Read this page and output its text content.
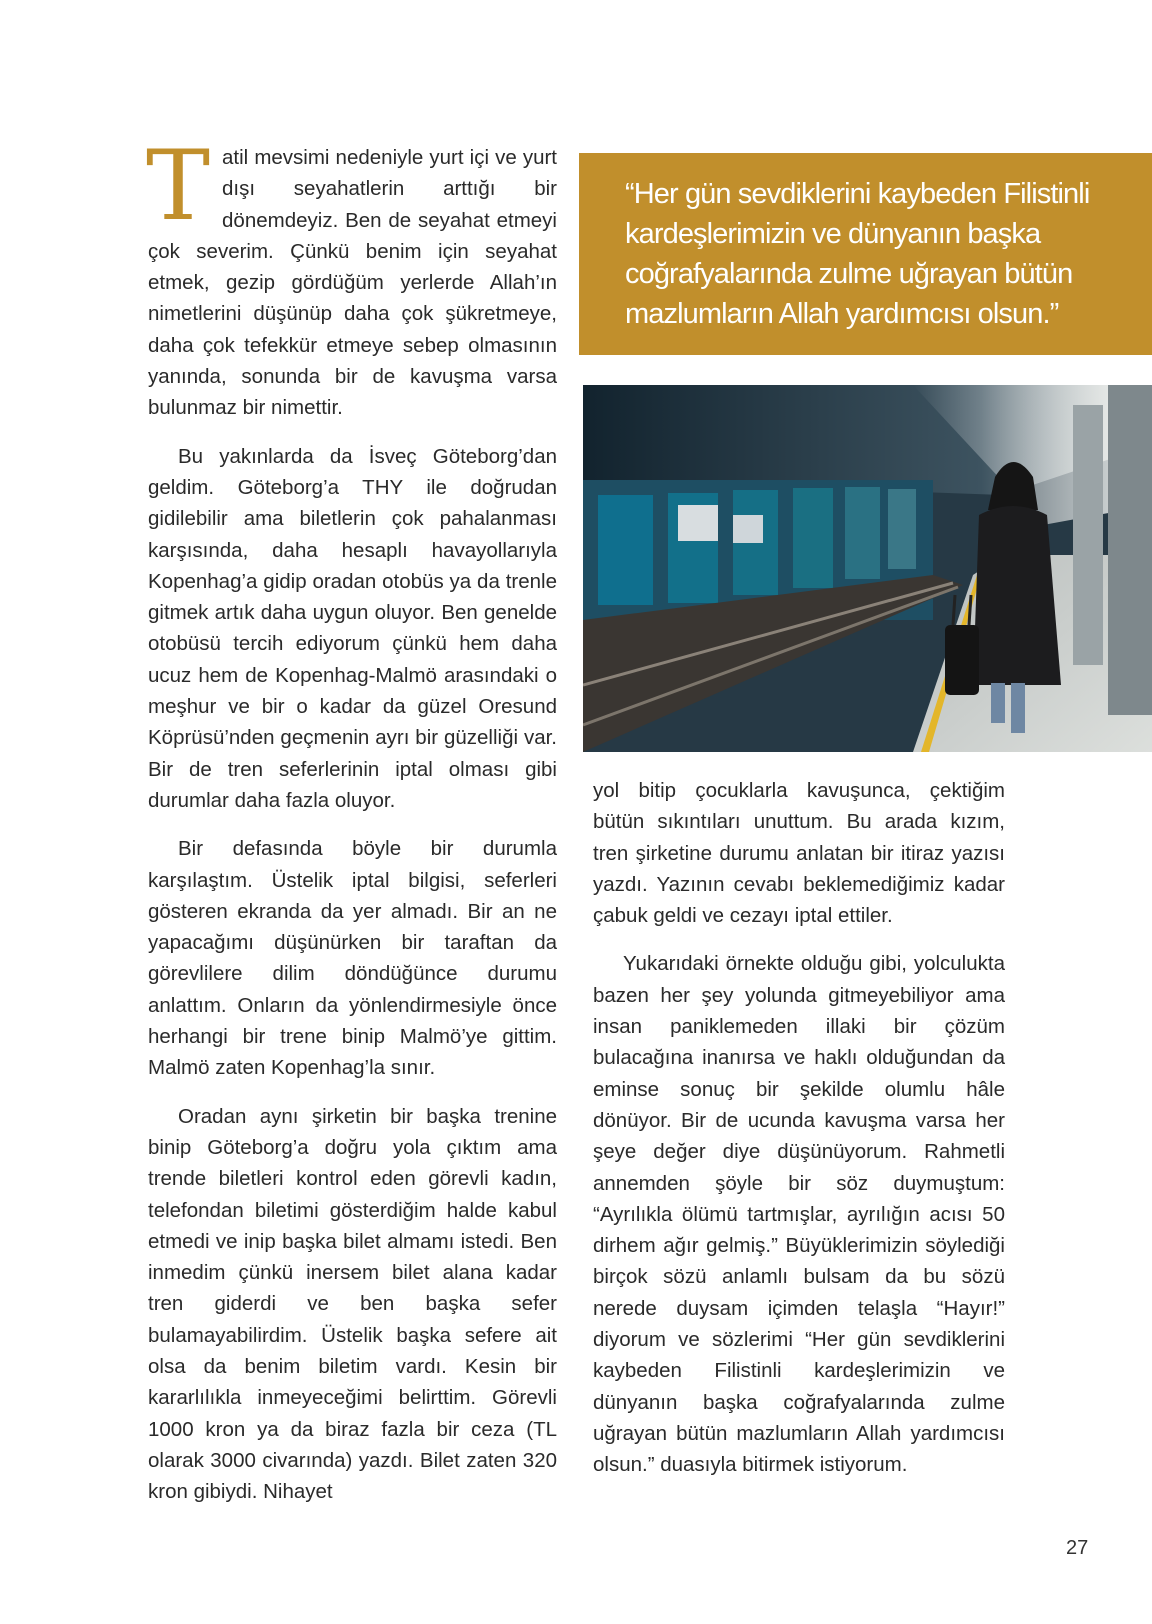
Tatil mevsimi nedeniyle yurt içi ve yurt dışı seyahatlerin arttığı bir dönemdeyiz. Ben de seyahat etmeyi çok severim. Çünkü benim için seyahat etmek, gezip gördüğüm yerlerde Allah’ın nimetlerini düşünüp daha çok şükretmeye, daha çok tefekkür etmeye sebep olmasının yanında, sonunda bir de kavuşma varsa bulunmaz bir nimettir.

Bu yakınlarda da İsveç Göteborg’dan geldim. Göteborg’a THY ile doğrudan gidilebilir ama biletlerin çok pahalanması karşısında, daha hesaplı havayollarıyla Kopenhag’a gidip oradan otobüs ya da trenle gitmek artık daha uygun oluyor. Ben genelde otobüsü tercih ediyorum çünkü hem daha ucuz hem de Kopenhag-Malmö arasındaki o meşhur ve bir o kadar da güzel Oresund Köprüsü’nden geçmenin ayrı bir güzelliği var. Bir de tren seferlerinin iptal olması gibi durumlar daha fazla oluyor.

Bir defasında böyle bir durumla karşılaştım. Üstelik iptal bilgisi, seferleri gösteren ekranda da yer almadı. Bir an ne yapacağımı düşünürken bir taraftan da görevlilere dilim döndüğünce durumu anlattım. Onların da yönlendirmesiyle önce herhangi bir trene binip Malmö’ye gittim. Malmö zaten Kopenhag’la sınır.

Oradan aynı şirketin bir başka trenine binip Göteborg’a doğru yola çıktım ama trende biletleri kontrol eden görevli kadın, telefondan biletimi gösterdiğim halde kabul etmedi ve inip başka bilet almamı istedi. Ben inmedim çünkü inersem bilet alana kadar tren giderdi ve ben başka sefer bulamayabilirdim. Üstelik başka sefere ait olsa da benim biletim vardı. Kesin bir kararlılıkla inmeyeceğimi belirttim. Görevli 1000 kron ya da biraz fazla bir ceza (TL olarak 3000 civarında) yazdı. Bilet zaten 320 kron gibiydi. Nihayet

“Her gün sevdiklerini kaybeden Filistinli kardeşlerimizin ve dünyanın başka coğrafyalarında zulme uğrayan bütün mazlumların Allah yardımcısı olsun.”

yol bitip çocuklarla kavuşunca, çektiğim bütün sıkıntıları unuttum. Bu arada kızım, tren şirketine durumu anlatan bir itiraz yazısı yazdı. Yazının cevabı beklemediğimiz kadar çabuk geldi ve cezayı iptal ettiler.

Yukarıdaki örnekte olduğu gibi, yolculukta bazen her şey yolunda gitmeyebiliyor ama insan paniklemeden illaki bir çözüm bulacağına inanırsa ve haklı olduğundan da eminse sonuç bir şekilde olumlu hâle dönüyor. Bir de ucunda kavuşma varsa her şeye değer diye düşünüyorum. Rahmetli annemden şöyle bir söz duymuştum: “Ayrılıkla ölümü tartmışlar, ayrılığın acısı 50 dirhem ağır gelmiş.” Büyüklerimizin söylediği birçok sözü anlamlı bulsam da bu sözü nerede duysam içimden telaşla “Hayır!” diyorum ve sözlerimi “Her gün sevdiklerini kaybeden Filistinli kardeşlerimizin ve dünyanın başka coğrafyalarında zulme uğrayan bütün mazlumların Allah yardımcısı olsun.” duasıyla bitirmek istiyorum.

27
